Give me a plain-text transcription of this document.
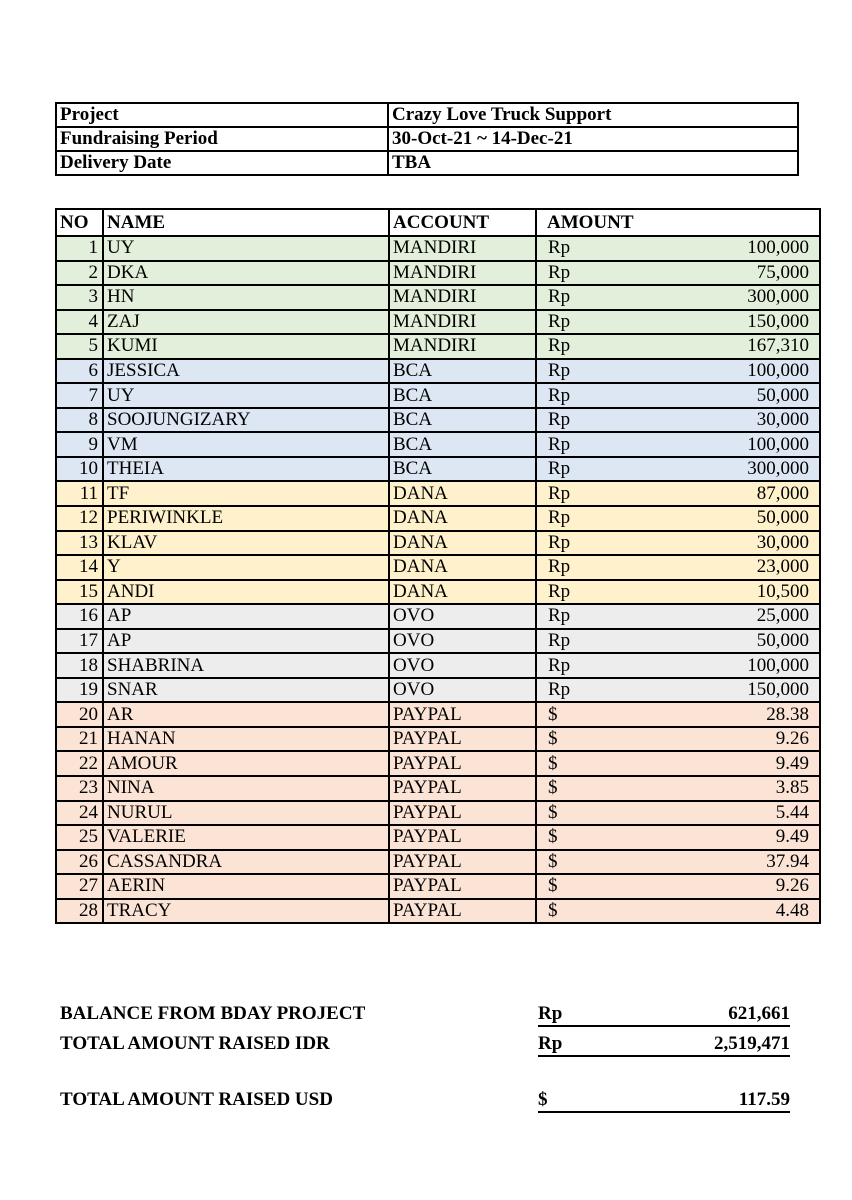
Project	Crazy Love Truck Support
Fundraising Period	30-Oct-21 ~ 14-Dec-21
Delivery Date	TBA
NO	NAME	ACCOUNT	AMOUNT
1	UY	MANDIRI	Rp 100,000

2	DKA	MANDIRI	Rp 75,000

3	HN	MANDIRI	Rp 300,000

4	ZAJ	MANDIRI	Rp 150,000

5	KUMI	MANDIRI	Rp 167,310

6	JESSICA	BCA	Rp 100,000

7	UY	BCA	Rp 50,000

8	SOOJUNGIZARY	BCA	Rp 30,000

9	VM	BCA	Rp 100,000

10	THEIA	BCA	Rp 300,000

11	TF	DANA	Rp 87,000

12	PERIWINKLE	DANA	Rp 50,000

13	KLAV	DANA	Rp 30,000

14	Y	DANA	Rp 23,000

15	ANDI	DANA	Rp 10,500

16	AP	OVO	Rp 25,000

17	AP	OVO	Rp 50,000

18	SHABRINA	OVO	Rp 100,000

19	SNAR	OVO	Rp 150,000

20	AR	PAYPAL	$ 28.38

21	HANAN	PAYPAL	$ 9.26

22	AMOUR	PAYPAL	$ 9.49

23	NINA	PAYPAL	$ 3.85

24	NURUL	PAYPAL	$ 5.44

25	VALERIE	PAYPAL	$ 9.49

26	CASSANDRA	PAYPAL	$ 37.94

27	AERIN	PAYPAL	$ 9.26

28	TRACY	PAYPAL	$ 4.48
BALANCE FROM BDAY PROJECT	Rp	621,661
TOTAL AMOUNT RAISED IDR	Rp	2,519,471
TOTAL AMOUNT RAISED USD	$	117.59
